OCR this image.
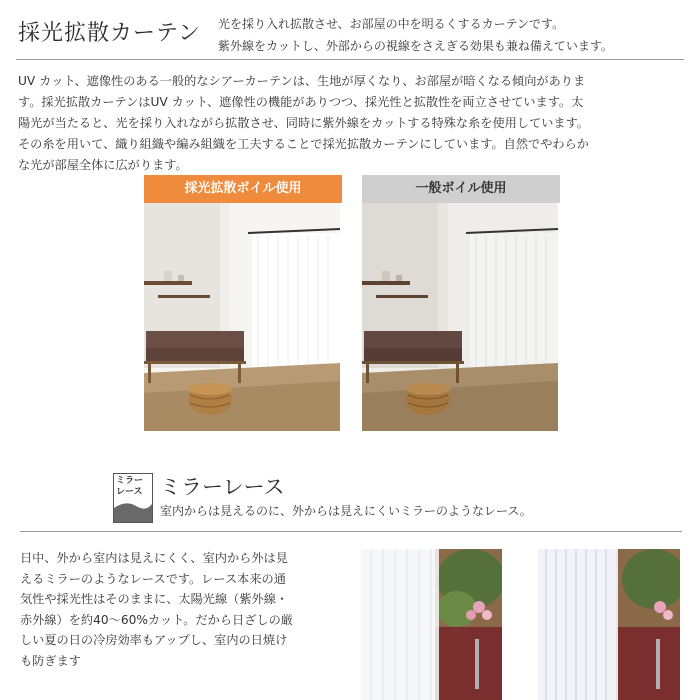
採光拡散カーテン 光を採り入れ拡散させ、お部屋の中を明るくするカーテンです。
紫外線をカットし、外部からの視線をさえぎる効果も兼ね備えています。
UV カット、遮像性のある一般的なシアーカーテンは、生地が厚くなり、お部屋が暗くなる傾向がありま
す。採光拡散カーテンはUV カット、遮像性の機能がありつつ、採光性と拡散性を両立させています。太
陽光が当たると、光を採り入れながら拡散させ、同時に紫外線をカットする特殊な糸を使用しています。
その糸を用いて、織り組織や編み組織を工夫することで採光拡散カーテンにしています。自然でやわらか
な光が部屋全体に広がります。
採光拡散ボイル使用	一般ボイル使用
ミラー
レース ミラーレース
室内からは見えるのに、外からは見えにくいミラーのようなレース。
日中、外から室内は見えにくく、室内から外は見
えるミラーのようなレースです。レース本来の通
気性や採光性はそのままに、太陽光線（紫外線・
赤外線）を約40〜60%カット。だから日ざしの厳
しい夏の日の冷房効率もアップし、室内の日焼け
も防ぎます
